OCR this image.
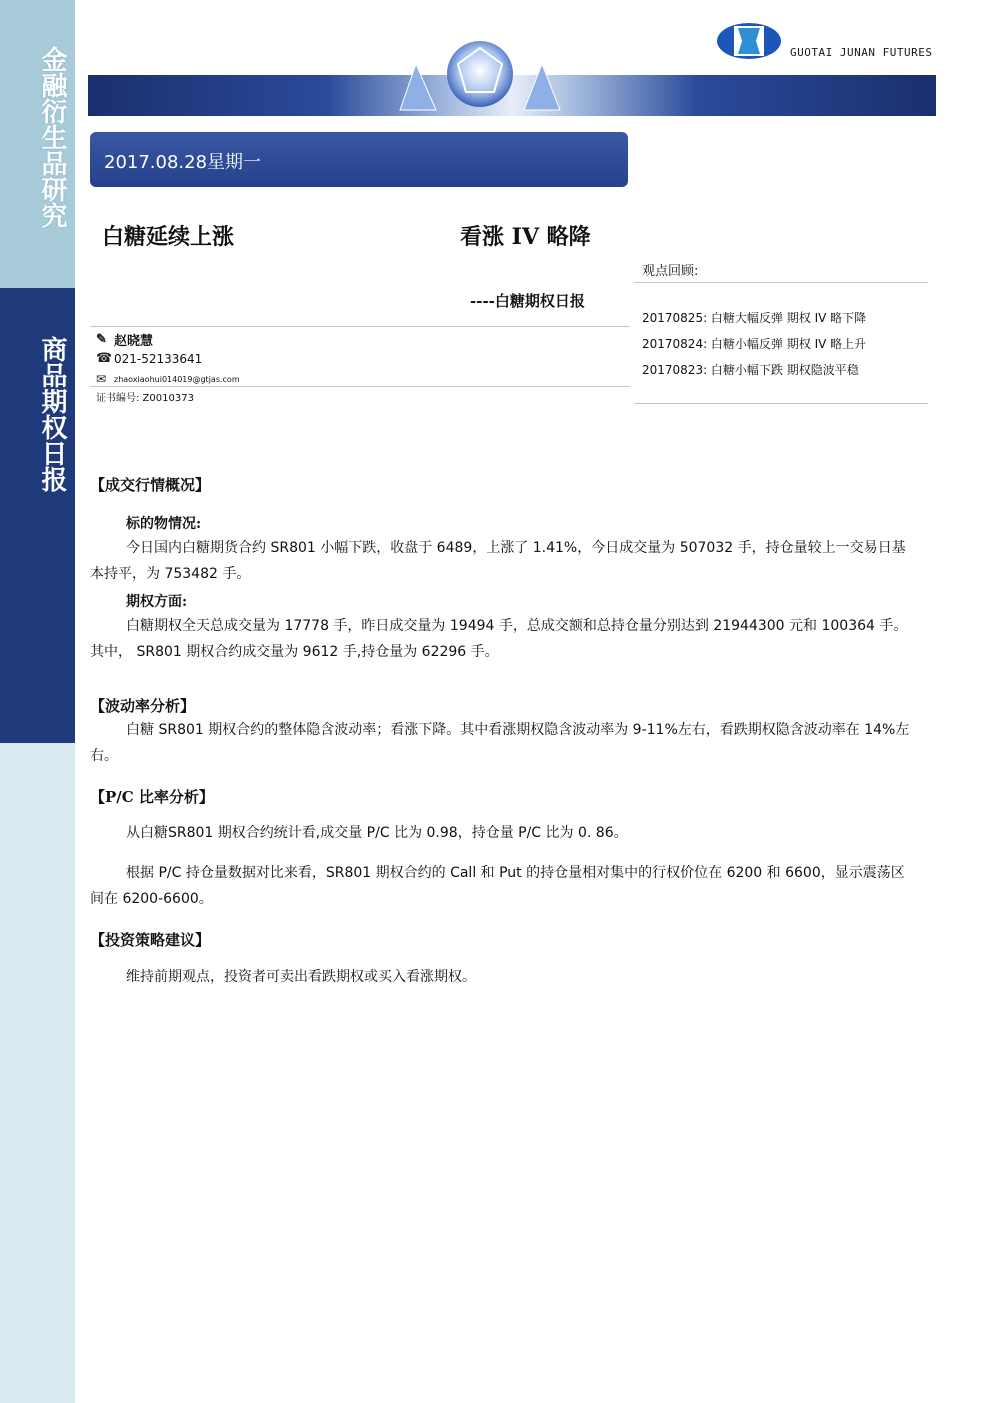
金融衍生品研究
商品期权日报
GUOTAI JUNAN FUTURES
2017.08.28星期一
白糖延续上涨	看涨 IV 略降
----白糖期权日报
✎ 赵晓慧
☎ 021-52133641
✉ zhaoxiaohui014019@gtjas.com
证书编号: Z0010373
观点回顾:
20170825: 白糖大幅反弹 期权 IV 略下降
20170824: 白糖小幅反弹 期权 IV 略上升
20170823: 白糖小幅下跌 期权隐波平稳
【成交行情概况】
标的物情况:
今日国内白糖期货合约 SR801 小幅下跌，收盘于 6489，上涨了 1.41%，今日成交量为 507032 手，持仓量较上一交易日基本持平，为 753482 手。
期权方面:
白糖期权全天总成交量为 17778 手，昨日成交量为 19494 手，总成交额和总持仓量分别达到 21944300 元和 100364 手。其中， SR801 期权合约成交量为 9612 手,持仓量为 62296 手。
【波动率分析】
白糖 SR801 期权合约的整体隐含波动率；看涨下降。其中看涨期权隐含波动率为 9-11%左右，看跌期权隐含波动率在 14%左右。
【P/C 比率分析】
从白糖SR801 期权合约统计看,成交量 P/C 比为 0.98，持仓量 P/C 比为 0. 86。
根据 P/C 持仓量数据对比来看，SR801 期权合约的 Call 和 Put 的持仓量相对集中的行权价位在 6200 和 6600，显示震荡区间在 6200-6600。
【投资策略建议】
维持前期观点，投资者可卖出看跌期权或买入看涨期权。
